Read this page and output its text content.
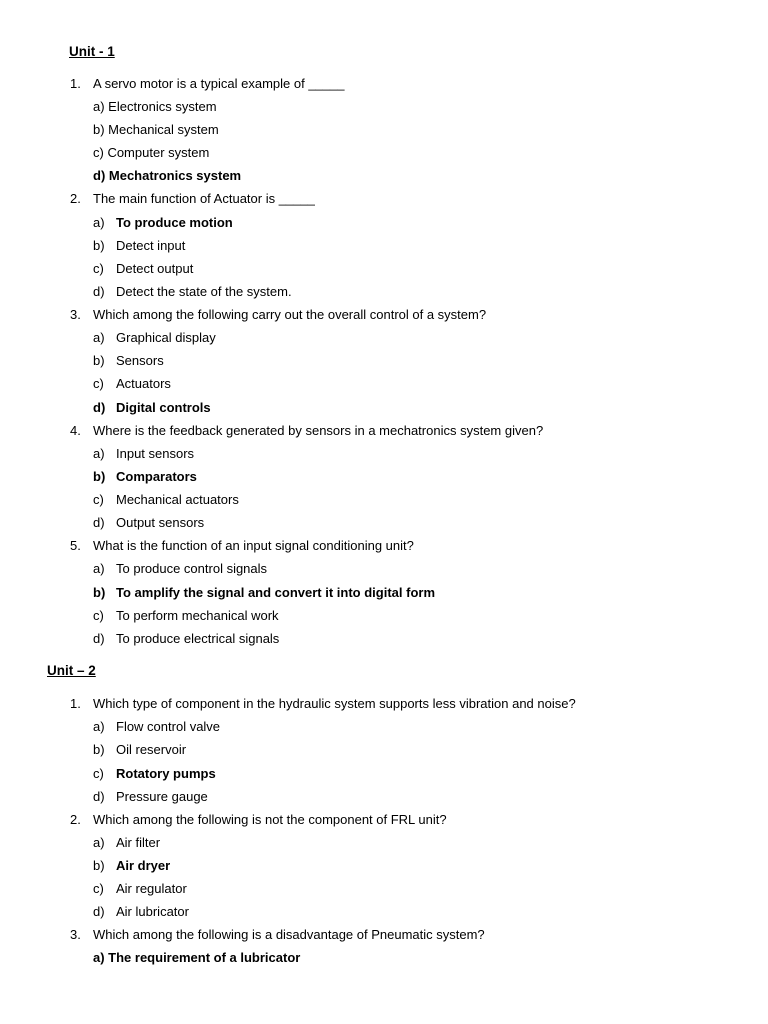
Unit - 1
1. A servo motor is a typical example of _____
a) Electronics system
b) Mechanical system
c) Computer system
d) Mechatronics system
2. The main function of Actuator is _____
a) To produce motion
b) Detect input
c) Detect output
d) Detect the state of the system.
3. Which among the following carry out the overall control of a system?
a) Graphical display
b) Sensors
c) Actuators
d) Digital controls
4. Where is the feedback generated by sensors in a mechatronics system given?
a) Input sensors
b) Comparators
c) Mechanical actuators
d) Output sensors
5. What is the function of an input signal conditioning unit?
a) To produce control signals
b) To amplify the signal and convert it into digital form
c) To perform mechanical work
d) To produce electrical signals
Unit – 2
1. Which type of component in the hydraulic system supports less vibration and noise?
a) Flow control valve
b) Oil reservoir
c) Rotatory pumps
d) Pressure gauge
2. Which among the following is not the component of FRL unit?
a) Air filter
b) Air dryer
c) Air regulator
d) Air lubricator
3. Which among the following is a disadvantage of Pneumatic system?
a) The requirement of a lubricator
